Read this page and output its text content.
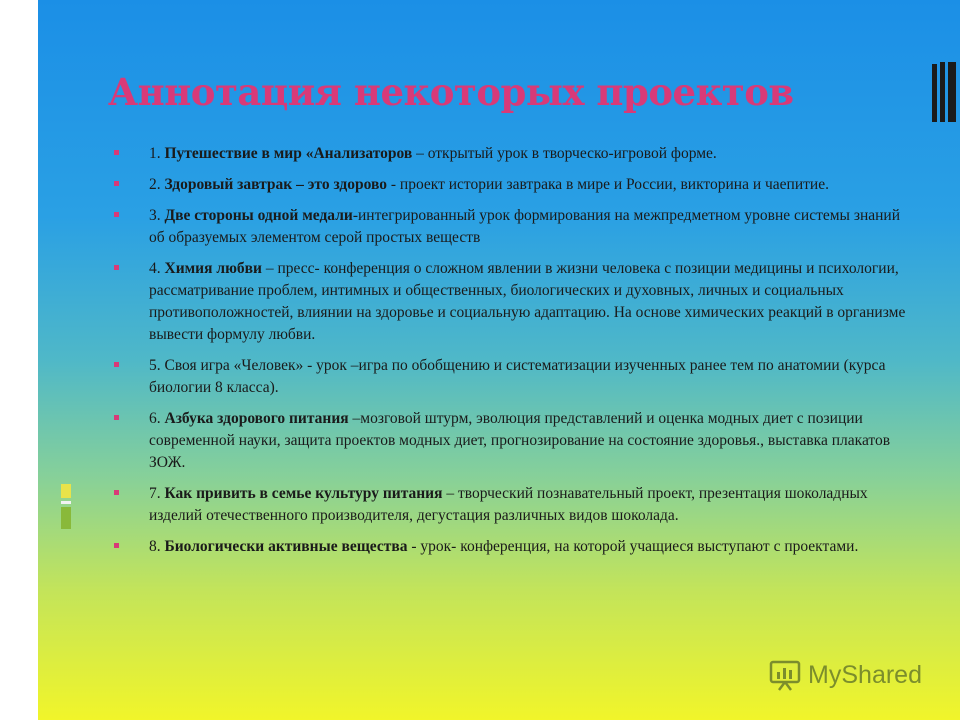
Аннотация некоторых проектов
1. Путешествие в мир «Анализаторов – открытый урок в творческо-игровой форме.
2. Здоровый завтрак – это здорово - проект истории завтрака в мире и России, викторина и чаепитие.
3. Две стороны одной медали-интегрированный урок формирования на межпредметном уровне системы знаний об образуемых элементом серой простых веществ
4. Химия любви – пресс- конференция о сложном явлении в жизни человека с позиции медицины и психологии, рассматривание проблем, интимных и общественных, биологических и духовных, личных и социальных противоположностей, влиянии на здоровье и социальную адаптацию. На основе химических реакций в организме вывести формулу любви.
5. Своя игра «Человек» - урок –игра по обобщению и систематизации изученных ранее тем по анатомии (курса биологии 8 класса).
6. Азбука здорового питания –мозговой штурм, эволюция представлений и оценка модных диет с позиции современной науки, защита проектов модных диет, прогнозирование на состояние здоровья., выставка плакатов ЗОЖ.
7. Как привить в семье культуру питания – творческий познавательный проект, презентация шоколадных изделий отечественного производителя, дегустация различных видов шоколада.
8. Биологически активные вещества - урок- конференция, на которой учащиеся выступают с проектами.
MyShared
